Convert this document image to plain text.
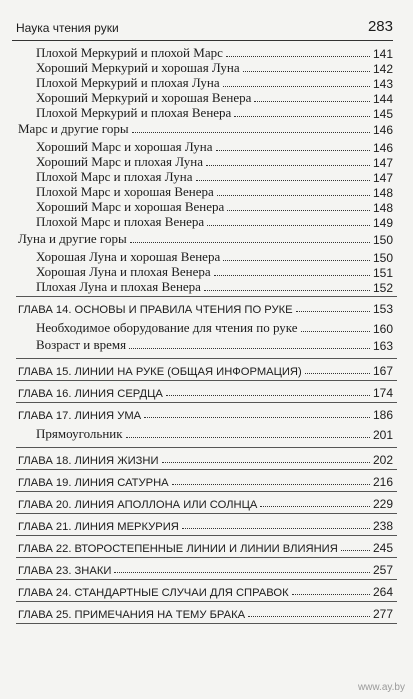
Наука чтения руки	283
Плохой Меркурий и плохой Марс	141
Хороший Меркурий и хорошая Луна	142
Плохой Меркурий и плохая Луна	143
Хороший Меркурий и хорошая Венера	144
Плохой Меркурий и плохая Венера	145
Марс и другие горы	146
Хороший Марс и хорошая Луна	146
Хороший Марс и плохая Луна	147
Плохой Марс и плохая Луна	147
Плохой Марс и хорошая Венера	148
Хороший Марс и хорошая Венера	148
Плохой Марс и плохая Венера	149
Луна и другие горы	150
Хорошая Луна и хорошая Венера	150
Хорошая Луна и плохая Венера	151
Плохая Луна и плохая Венера	152
ГЛАВА 14. ОСНОВЫ И ПРАВИЛА ЧТЕНИЯ ПО РУКЕ	153
Необходимое оборудование для чтения по руке	160
Возраст и время	163
ГЛАВА 15. ЛИНИИ НА РУКЕ (ОБЩАЯ ИНФОРМАЦИЯ)	167
ГЛАВА 16. ЛИНИЯ СЕРДЦА	174
ГЛАВА 17. ЛИНИЯ УМА	186
Прямоугольник	201
ГЛАВА 18. ЛИНИЯ ЖИЗНИ	202
ГЛАВА 19. ЛИНИЯ САТУРНА	216
ГЛАВА 20. ЛИНИЯ АПОЛЛОНА ИЛИ СОЛНЦА	229
ГЛАВА 21. ЛИНИЯ МЕРКУРИЯ	238
ГЛАВА 22. ВТОРОСТЕПЕННЫЕ ЛИНИИ И ЛИНИИ ВЛИЯНИЯ	245
ГЛАВА 23. ЗНАКИ	257
ГЛАВА 24. СТАНДАРТНЫЕ СЛУЧАИ ДЛЯ СПРАВОК	264
ГЛАВА 25. ПРИМЕЧАНИЯ НА ТЕМУ БРАКА	277
www.ay.by
